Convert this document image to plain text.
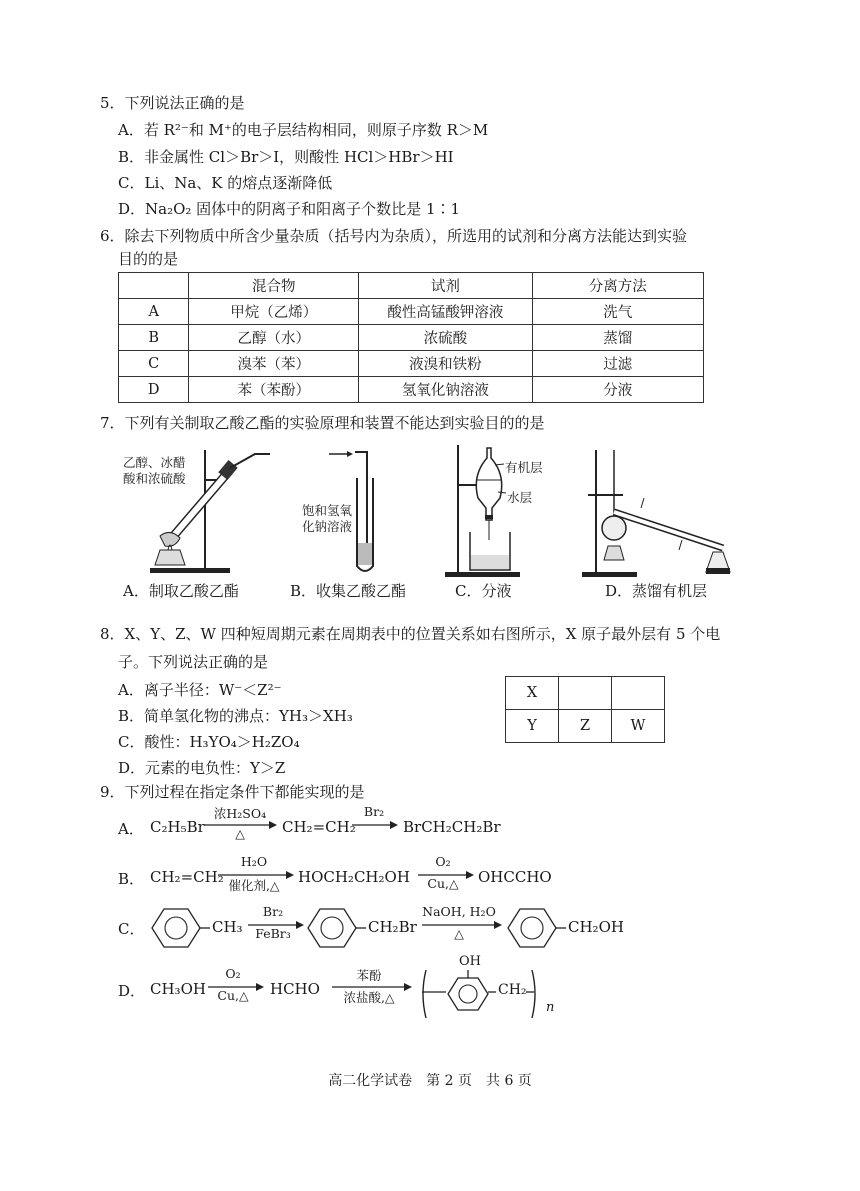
5．下列说法正确的是
A．若 R²⁻和 M⁺的电子层结构相同，则原子序数 R＞M
B．非金属性 Cl＞Br＞I，则酸性 HCl＞HBr＞HI
C．Li、Na、K 的熔点逐渐降低
D．Na₂O₂ 固体中的阴离子和阳离子个数比是 1∶1
6．除去下列物质中所含少量杂质（括号内为杂质），所选用的试剂和分离方法能达到实验
目的的是
	混合物	试剂	分离方法
A	甲烷（乙烯）	酸性高锰酸钾溶液	洗气
B	乙醇（水）	浓硫酸	蒸馏
C	溴苯（苯）	液溴和铁粉	过滤
D	苯（苯酚）	氢氧化钠溶液	分液
7．下列有关制取乙酸乙酯的实验原理和装置不能达到实验目的的是
乙醇、冰醋
酸和浓硫酸
饱和氢氧
化钠溶液
有机层
水层
A．制取乙酸乙酯	B．收集乙酸乙酯	C．分液	D．蒸馏有机层
8．X、Y、Z、W 四种短周期元素在周期表中的位置关系如右图所示，X 原子最外层有 5 个电
子。下列说法正确的是
A．离子半径：W⁻＜Z²⁻
B．简单氢化物的沸点：YH₃＞XH₃
C．酸性：H₃YO₄＞H₂ZO₄
D．元素的电负性：Y＞Z
X		
Y	Z	W
9．下列过程在指定条件下都能实现的是
A． C₂H₅Br
浓H₂SO₄
△	CH₂=CH₂
Br₂
BrCH₂CH₂Br
B． CH₂=CH₂
H₂O
催化剂,△	HOCH₂CH₂OH
O₂
Cu,△	OHCCHO
C．	CH₃
Br₂
FeBr₃	CH₂Br
NaOH, H₂O
△	CH₂OH
D． CH₃OH
O₂
Cu,△	HCHO
苯酚
浓盐酸,△
OH
CH₂
n
高二化学试卷　第 2 页　共 6 页
